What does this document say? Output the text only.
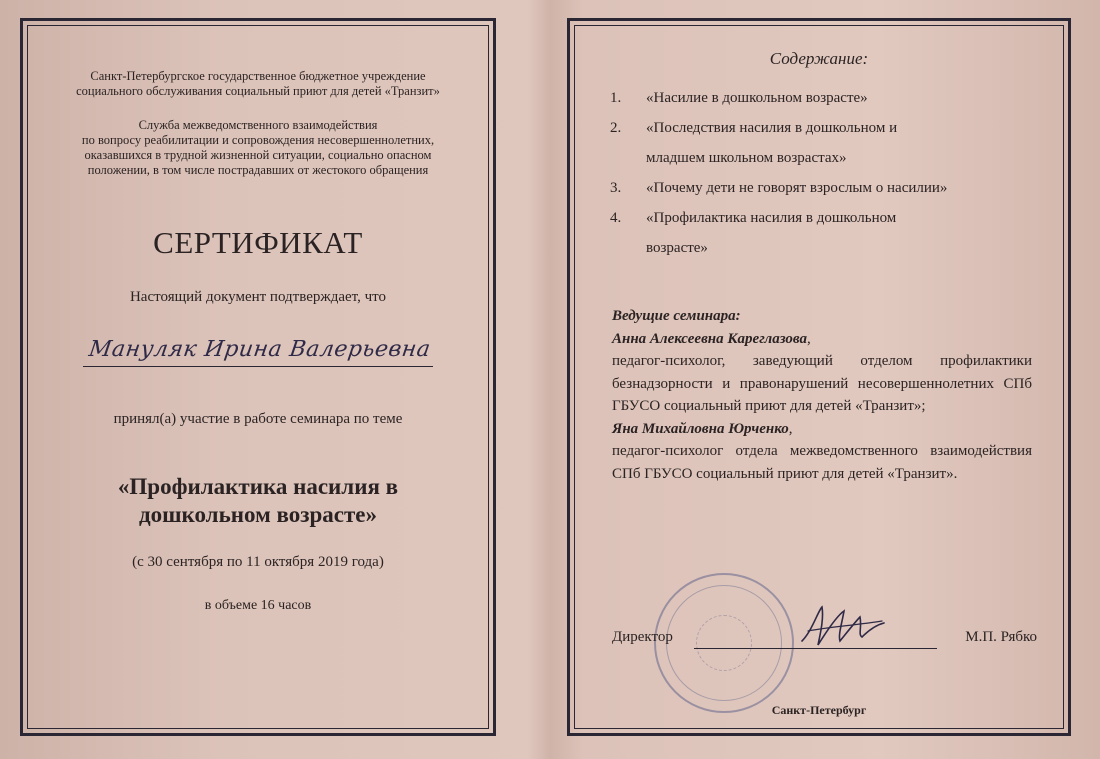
Санкт-Петербургское государственное бюджетное учреждение
социального обслуживания социальный приют для детей «Транзит»
Служба межведомственного взаимодействия
по вопросу реабилитации и сопровождения несовершеннолетних,
оказавшихся в трудной жизненной ситуации, социально опасном
положении, в том числе пострадавших от жестокого обращения
СЕРТИФИКАТ
Настоящий документ подтверждает, что
Мануляк Ирина Валерьевна
принял(а) участие в работе семинара по теме
«Профилактика насилия в
дошкольном возрасте»
(с 30 сентября по 11 октября 2019 года)
в объеме 16 часов
Содержание:
1. «Насилие в дошкольном возрасте»
2. «Последствия насилия в дошкольном и
младшем школьном возрастах»
3. «Почему дети не говорят взрослым о насилии»
4. «Профилактика насилия в дошкольном
возрасте»
Ведущие семинара:
Анна Алексеевна Кареглазова,
педагог-психолог, заведующий отделом профилактики безнадзорности и правонарушений несовершеннолетних СПб ГБУСО социальный приют для детей «Транзит»;
Яна Михайловна Юрченко,
педагог-психолог отдела межведомственного взаимодействия СПб ГБУСО социальный приют для детей «Транзит».
Директор	М.П. Рябко
Санкт-Петербург
